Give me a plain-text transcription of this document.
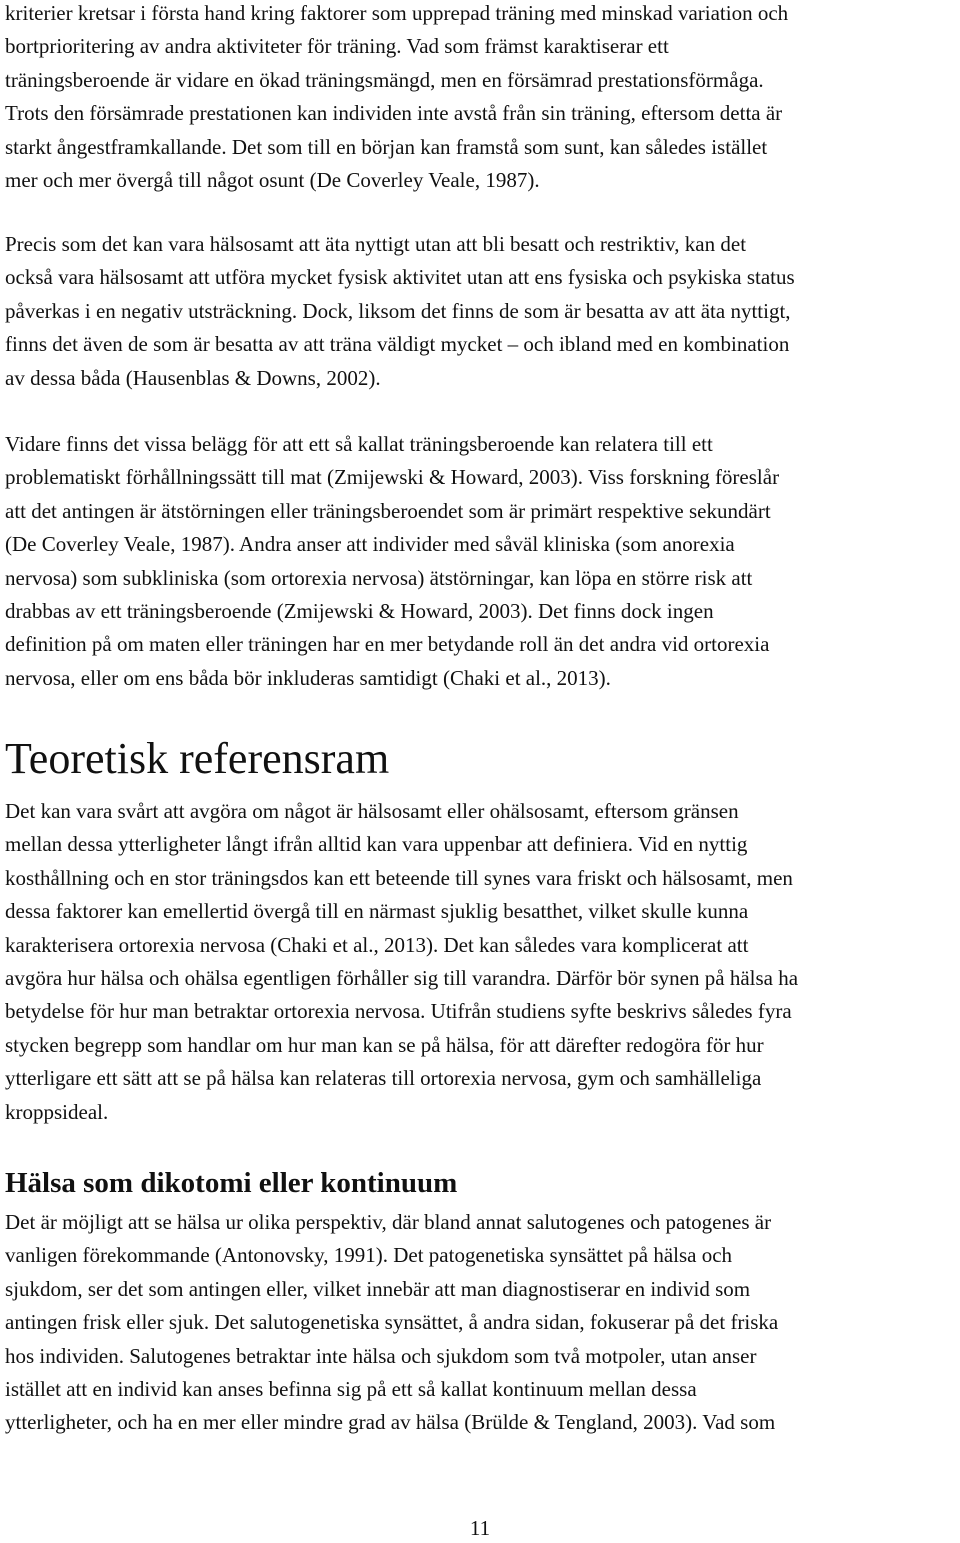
kriterier kretsar i första hand kring faktorer som upprepad träning med minskad variation och
bortprioritering av andra aktiviteter för träning. Vad som främst karaktiserar ett
träningsberoende är vidare en ökad träningsmängd, men en försämrad prestationsförmåga.
Trots den försämrade prestationen kan individen inte avstå från sin träning, eftersom detta är
starkt ångestframkallande. Det som till en början kan framstå som sunt, kan således istället
mer och mer övergå till något osunt (De Coverley Veale, 1987).

Precis som det kan vara hälsosamt att äta nyttigt utan att bli besatt och restriktiv, kan det
också vara hälsosamt att utföra mycket fysisk aktivitet utan att ens fysiska och psykiska status
påverkas i en negativ utsträckning. Dock, liksom det finns de som är besatta av att äta nyttigt,
finns det även de som är besatta av att träna väldigt mycket – och ibland med en kombination
av dessa båda (Hausenblas & Downs, 2002).

Vidare finns det vissa belägg för att ett så kallat träningsberoende kan relatera till ett
problematiskt förhållningssätt till mat (Zmijewski & Howard, 2003). Viss forskning föreslår
att det antingen är ätstörningen eller träningsberoendet som är primärt respektive sekundärt
(De Coverley Veale, 1987). Andra anser att individer med såväl kliniska (som anorexia
nervosa) som subkliniska (som ortorexia nervosa) ätstörningar, kan löpa en större risk att
drabbas av ett träningsberoende (Zmijewski & Howard, 2003). Det finns dock ingen
definition på om maten eller träningen har en mer betydande roll än det andra vid ortorexia
nervosa, eller om ens båda bör inkluderas samtidigt (Chaki et al., 2013).

Teoretisk referensram

Det kan vara svårt att avgöra om något är hälsosamt eller ohälsosamt, eftersom gränsen
mellan dessa ytterligheter långt ifrån alltid kan vara uppenbar att definiera. Vid en nyttig
kosthållning och en stor träningsdos kan ett beteende till synes vara friskt och hälsosamt, men
dessa faktorer kan emellertid övergå till en närmast sjuklig besatthet, vilket skulle kunna
karakterisera ortorexia nervosa (Chaki et al., 2013). Det kan således vara komplicerat att
avgöra hur hälsa och ohälsa egentligen förhåller sig till varandra. Därför bör synen på hälsa ha
betydelse för hur man betraktar ortorexia nervosa. Utifrån studiens syfte beskrivs således fyra
stycken begrepp som handlar om hur man kan se på hälsa, för att därefter redogöra för hur
ytterligare ett sätt att se på hälsa kan relateras till ortorexia nervosa, gym och samhälleliga
kroppsideal.

Hälsa som dikotomi eller kontinuum

Det är möjligt att se hälsa ur olika perspektiv, där bland annat salutogenes och patogenes är
vanligen förekommande (Antonovsky, 1991). Det patogenetiska synsättet på hälsa och
sjukdom, ser det som antingen eller, vilket innebär att man diagnostiserar en individ som
antingen frisk eller sjuk. Det salutogenetiska synsättet, å andra sidan, fokuserar på det friska
hos individen. Salutogenes betraktar inte hälsa och sjukdom som två motpoler, utan anser
istället att en individ kan anses befinna sig på ett så kallat kontinuum mellan dessa
ytterligheter, och ha en mer eller mindre grad av hälsa (Brülde & Tengland, 2003). Vad som

11
